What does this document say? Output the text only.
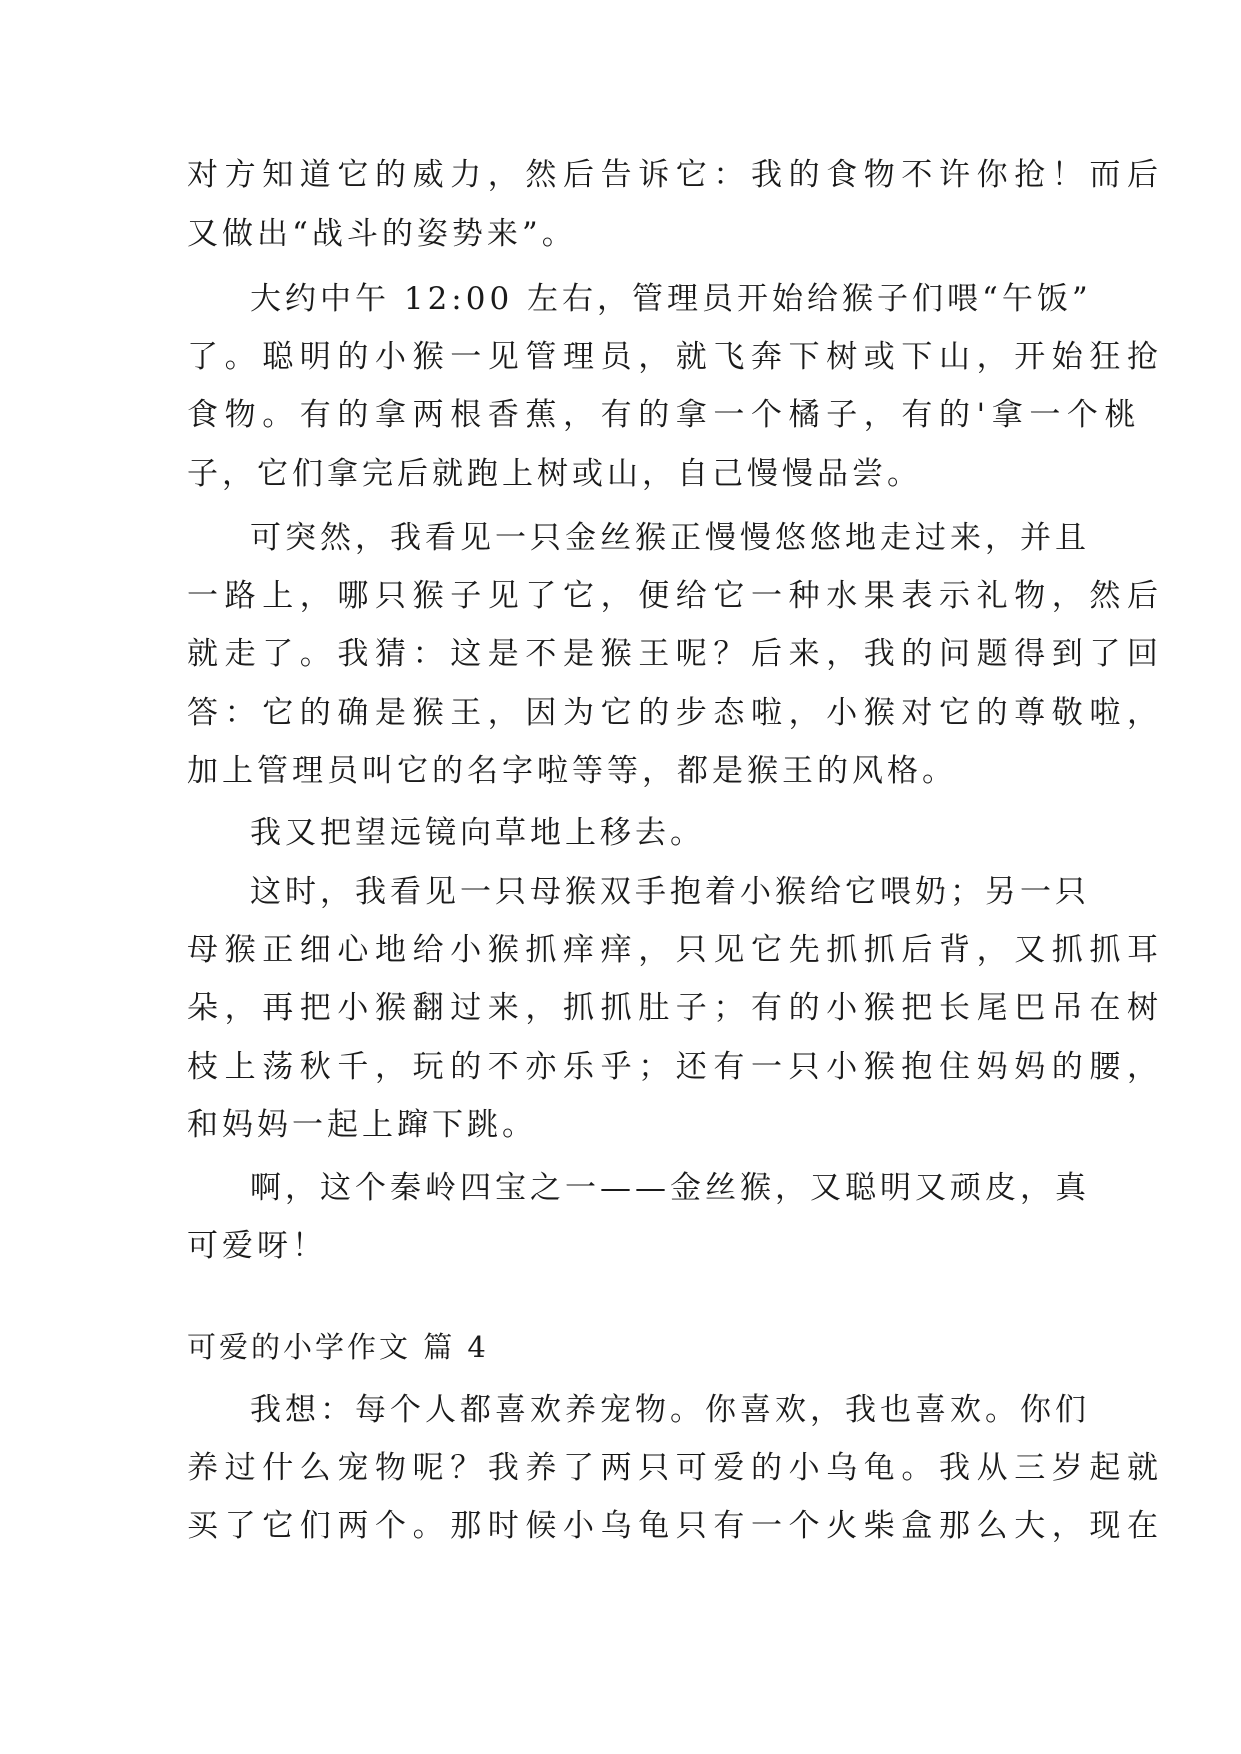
对方知道它的威力，然后告诉它：我的食物不许你抢！而后
又做出“战斗的姿势来”。
大约中午 12:00 左右，管理员开始给猴子们喂“午饭”
了。聪明的小猴一见管理员，就飞奔下树或下山，开始狂抢
食物。有的拿两根香蕉，有的拿一个橘子，有的'拿一个桃
子，它们拿完后就跑上树或山，自己慢慢品尝。
可突然，我看见一只金丝猴正慢慢悠悠地走过来，并且
一路上，哪只猴子见了它，便给它一种水果表示礼物，然后
就走了。我猜：这是不是猴王呢？后来，我的问题得到了回
答：它的确是猴王，因为它的步态啦，小猴对它的尊敬啦，
加上管理员叫它的名字啦等等，都是猴王的风格。
我又把望远镜向草地上移去。
这时，我看见一只母猴双手抱着小猴给它喂奶；另一只
母猴正细心地给小猴抓痒痒，只见它先抓抓后背，又抓抓耳
朵，再把小猴翻过来，抓抓肚子；有的小猴把长尾巴吊在树
枝上荡秋千，玩的不亦乐乎；还有一只小猴抱住妈妈的腰，
和妈妈一起上蹿下跳。
啊，这个秦岭四宝之一——金丝猴，又聪明又顽皮，真
可爱呀！
可爱的小学作文 篇 4
我想：每个人都喜欢养宠物。你喜欢，我也喜欢。你们
养过什么宠物呢？我养了两只可爱的小乌龟。我从三岁起就
买了它们两个。那时候小乌龟只有一个火柴盒那么大，现在
